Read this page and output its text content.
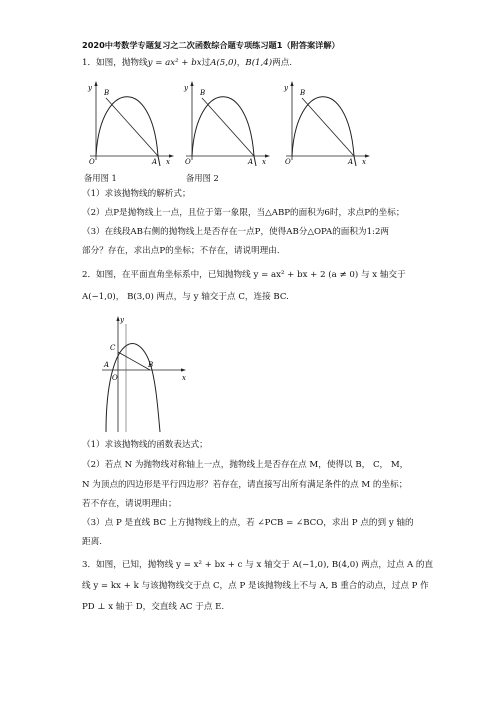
2020中考数学专题复习之二次函数综合题专项练习题1（附答案详解）
1．如图，抛物线y = ax² + bx过A(5,0)，B(1,4)两点.
y
B
O	A x
y
B
O	A x
y
B
O	A x
备用图 1	备用图 2
（1）求该抛物线的解析式；
（2）点P是抛物线上一点，且位于第一象限，当△ABP的面积为6时，求点P的坐标；
（3）在线段AB右侧的抛物线上是否存在一点P，使得AB分△OPA的面积为1:2两
部分？存在，求出点P的坐标；不存在，请说明理由.
2．如图，在平面直角坐标系中，已知抛物线 y = ax² + bx + 2 (a ≠ 0) 与 x 轴交于
A(−1,0)， B(3,0) 两点，与 y 轴交于点 C，连接 BC.
y
C
A
O
B
x
（1）求该抛物线的函数表达式；
（2）若点 N 为抛物线对称轴上一点，抛物线上是否存在点 M，使得以 B， C， M，
N 为顶点的四边形是平行四边形？若存在，请直接写出所有满足条件的点 M 的坐标；
若不存在，请说明理由；
（3）点 P 是直线 BC 上方抛物线上的点，若 ∠PCB = ∠BCO，求出 P 点的到 y 轴的
距离.
3．如图，已知，抛物线 y = x² + bx + c 与 x 轴交于 A(−1,0), B(4,0) 两点，过点 A 的直
线 y = kx + k 与该抛物线交于点 C，点 P 是该抛物线上不与 A, B 重合的动点，过点 P 作
PD ⊥ x 轴于 D，交直线 AC 于点 E.
